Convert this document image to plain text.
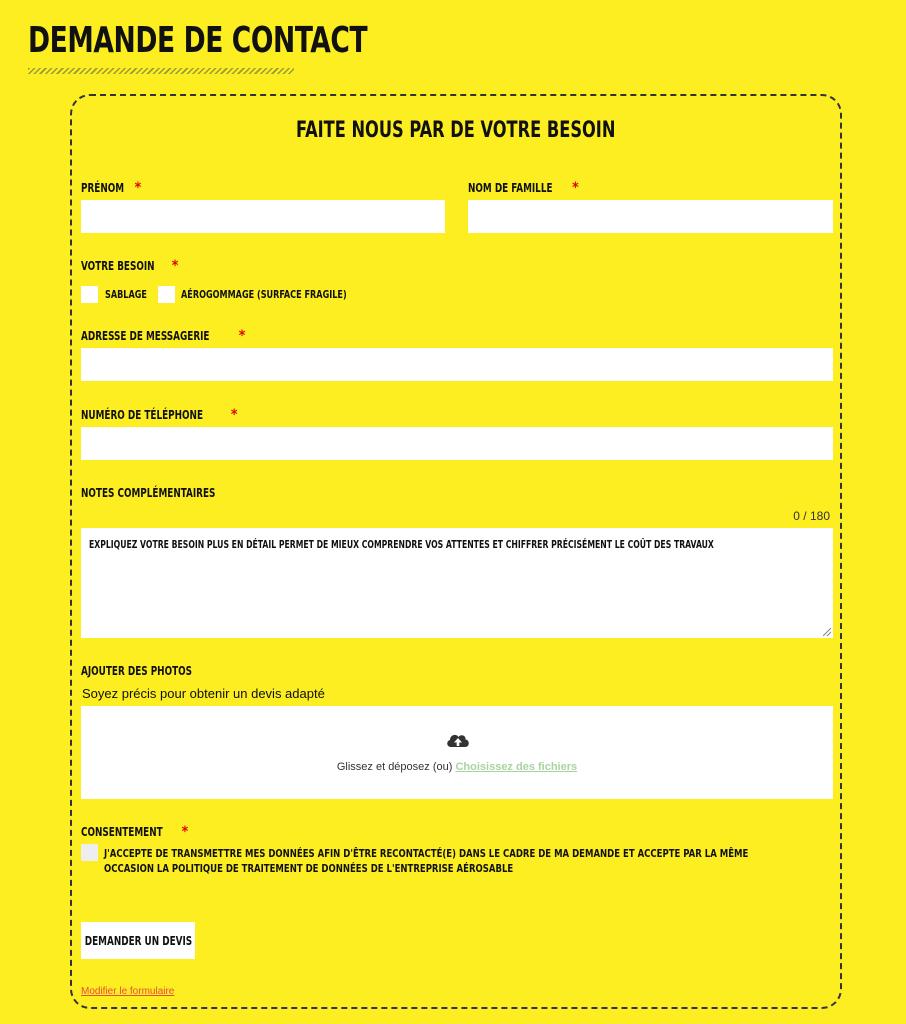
DEMANDE DE CONTACT
FAITE NOUS PAR DE VOTRE BESOIN
PRÉNOM *	NOM DE FAMILLE *
VOTRE BESOIN *
SABLAGE	AÉROGOMMAGE (SURFACE FRAGILE)
ADRESSE DE MESSAGERIE *
NUMÉRO DE TÉLÉPHONE *
NOTES COMPLÉMENTAIRES
0 / 180
EXPLIQUEZ VOTRE BESOIN PLUS EN DÉTAIL PERMET DE MIEUX COMPRENDRE VOS ATTENTES ET CHIFFRER PRÉCISÉMENT LE COÛT DES TRAVAUX
AJOUTER DES PHOTOS
Soyez précis pour obtenir un devis adapté
Glissez et déposez (ou) Choisissez des fichiers
CONSENTEMENT *
J'ACCEPTE DE TRANSMETTRE MES DONNÉES AFIN D'ÊTRE RECONTACTÉ(E) DANS LE CADRE DE MA DEMANDE ET ACCEPTE PAR LA MÊME OCCASION LA POLITIQUE DE TRAITEMENT DE DONNÉES DE L'ENTREPRISE AÉROSABLE
DEMANDER UN DEVIS
Modifier le formulaire
